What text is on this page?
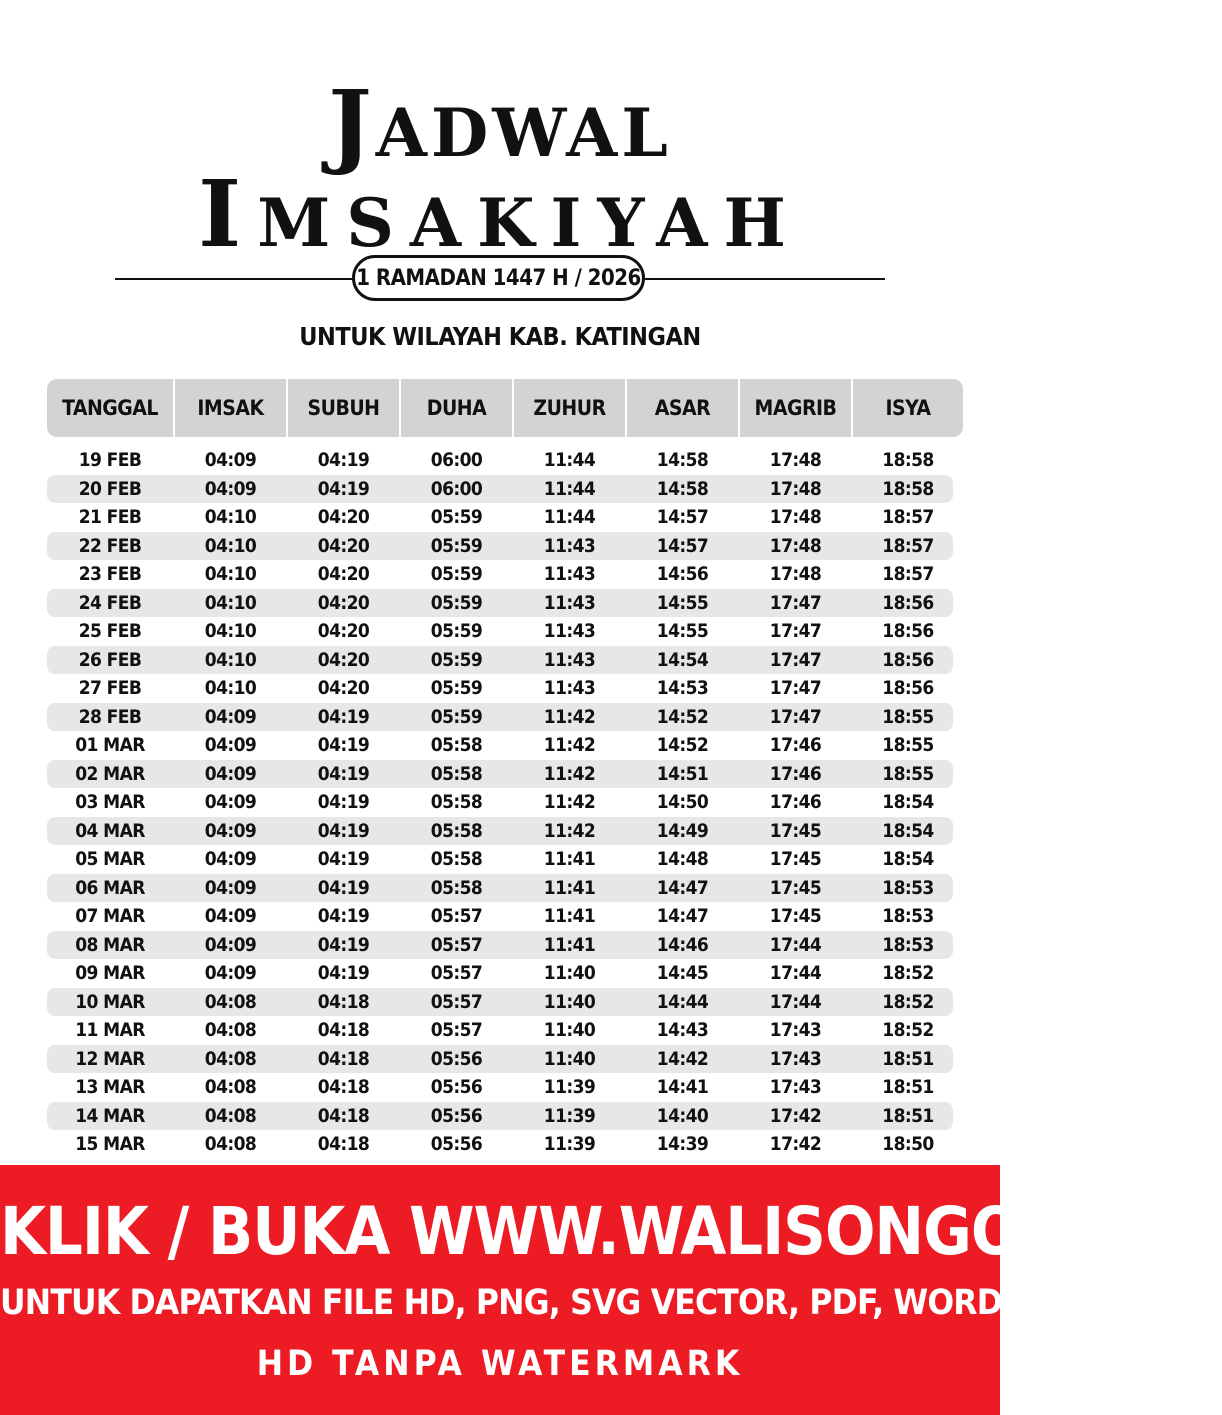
JADWAL
IMSAKIYAH
1 RAMADAN 1447 H / 2026
UNTUK WILAYAH KAB. KATINGAN
TANGGAL	IMSAK	SUBUH	DUHA	ZUHUR	ASAR	MAGRIB	ISYA
19 FEB	04:09	04:19	06:00	11:44	14:58	17:48	18:58
20 FEB	04:09	04:19	06:00	11:44	14:58	17:48	18:58
21 FEB	04:10	04:20	05:59	11:44	14:57	17:48	18:57
22 FEB	04:10	04:20	05:59	11:43	14:57	17:48	18:57
23 FEB	04:10	04:20	05:59	11:43	14:56	17:48	18:57
24 FEB	04:10	04:20	05:59	11:43	14:55	17:47	18:56
25 FEB	04:10	04:20	05:59	11:43	14:55	17:47	18:56
26 FEB	04:10	04:20	05:59	11:43	14:54	17:47	18:56
27 FEB	04:10	04:20	05:59	11:43	14:53	17:47	18:56
28 FEB	04:09	04:19	05:59	11:42	14:52	17:47	18:55
01 MAR	04:09	04:19	05:58	11:42	14:52	17:46	18:55
02 MAR	04:09	04:19	05:58	11:42	14:51	17:46	18:55
03 MAR	04:09	04:19	05:58	11:42	14:50	17:46	18:54
04 MAR	04:09	04:19	05:58	11:42	14:49	17:45	18:54
05 MAR	04:09	04:19	05:58	11:41	14:48	17:45	18:54
06 MAR	04:09	04:19	05:58	11:41	14:47	17:45	18:53
07 MAR	04:09	04:19	05:57	11:41	14:47	17:45	18:53
08 MAR	04:09	04:19	05:57	11:41	14:46	17:44	18:53
09 MAR	04:09	04:19	05:57	11:40	14:45	17:44	18:52
10 MAR	04:08	04:18	05:57	11:40	14:44	17:44	18:52
11 MAR	04:08	04:18	05:57	11:40	14:43	17:43	18:52
12 MAR	04:08	04:18	05:56	11:40	14:42	17:43	18:51
13 MAR	04:08	04:18	05:56	11:39	14:41	17:43	18:51
14 MAR	04:08	04:18	05:56	11:39	14:40	17:42	18:51
15 MAR	04:08	04:18	05:56	11:39	14:39	17:42	18:50
KLIK / BUKA WWW.WALISONGO.CO.ID
UNTUK DAPATKAN FILE HD, PNG, SVG VECTOR, PDF, WORD, EXCEL
HD TANPA WATERMARK
